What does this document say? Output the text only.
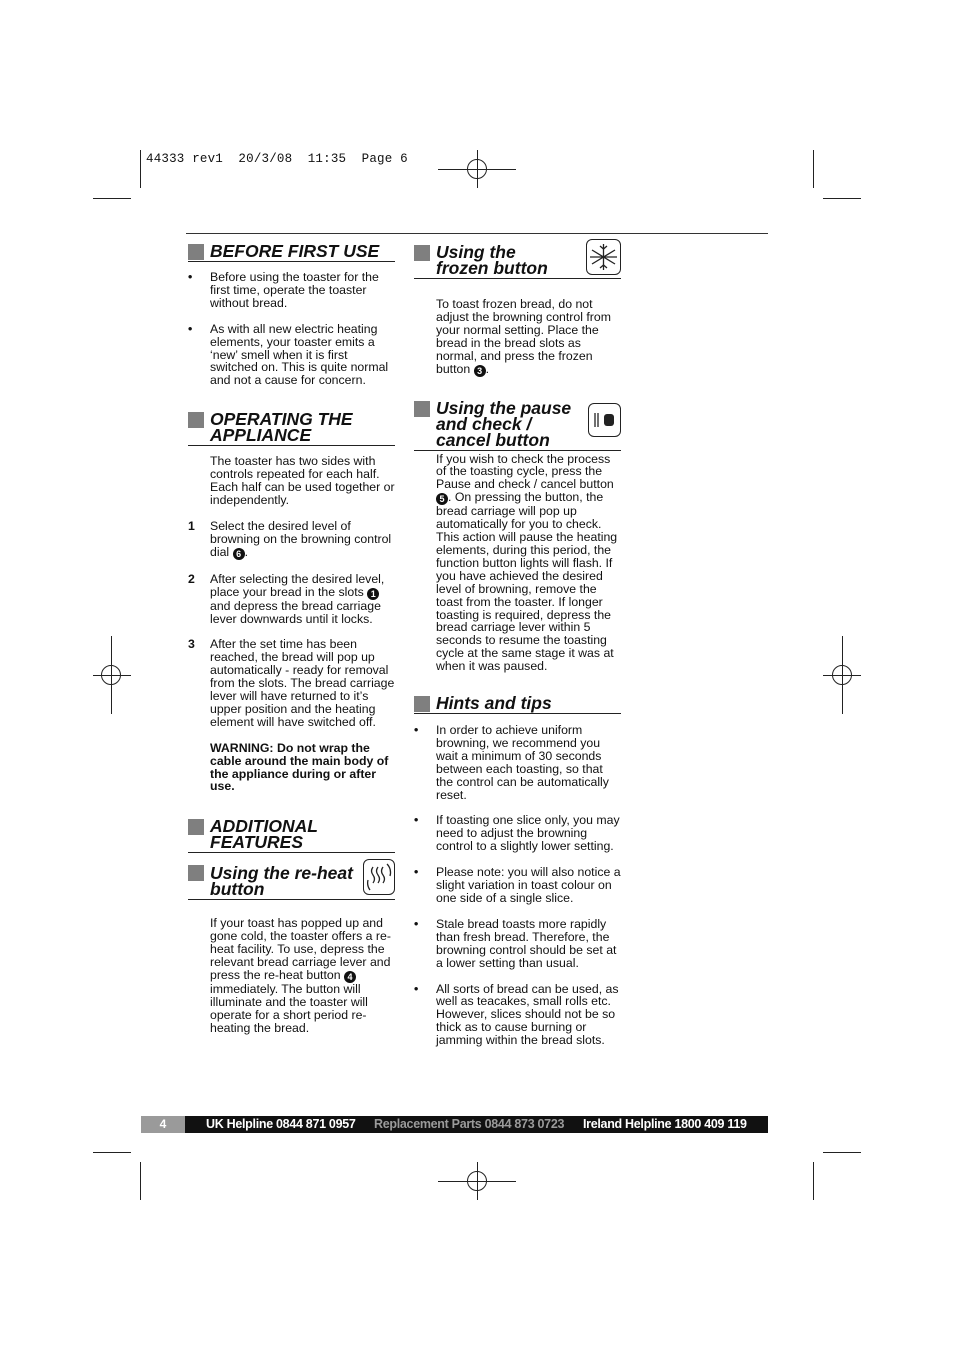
44333 rev1  20/3/08  11:35  Page 6
BEFORE FIRST USE
• Before using the toaster for the first time, operate the toaster without bread.
• As with all new electric heating elements, your toaster emits a ‘new’ smell when it is first switched on. This is quite normal and not a cause for concern.
OPERATING THE
APPLIANCE
The toaster has two sides with controls repeated for each half. Each half can be used together or independently.
1 Select the desired level of browning on the browning control dial 6 .
2 After selecting the desired level, place your bread in the slots 1 and depress the bread carriage lever downwards until it locks.
3 After the set time has been reached, the bread will pop up automatically - ready for removal from the slots. The bread carriage lever will have returned to it’s upper position and the heating element will have switched off.
WARNING: Do not wrap the cable around the main body of the appliance during or after use.
ADDITIONAL
FEATURES
Using the re-heat
button
If your toast has popped up and gone cold, the toaster offers a re-heat facility. To use, depress the relevant bread carriage lever and press the re-heat button 4 immediately. The button will illuminate and the toaster will operate for a short period re-heating the bread.
Using the
frozen button
To toast frozen bread, do not adjust the browning control from your normal setting. Place the bread in the bread slots as normal, and press the frozen button 3 .
Using the pause
and check /
cancel button
If you wish to check the process of the toasting cycle, press the Pause and check / cancel button 5 . On pressing the button, the bread carriage will pop up automatically for you to check. This action will pause the heating elements, during this period, the function button lights will flash. If you have achieved the desired level of browning, remove the toast from the toaster. If longer toasting is required, depress the bread carriage lever within 5 seconds to resume the toasting cycle at the same stage it was at when it was paused.
Hints and tips
• In order to achieve uniform browning, we recommend you wait a minimum of 30 seconds between each toasting, so that the control can be automatically reset.
• If toasting one slice only, you may need to adjust the browning control to a slightly lower setting.
• Please note: you will also notice a slight variation in toast colour on one side of a single slice.
• Stale bread toasts more rapidly than fresh bread. Therefore, the browning control should be set at a lower setting than usual.
• All sorts of bread can be used, as well as teacakes, small rolls etc. However, slices should not be so thick as to cause burning or jamming within the bread slots.
4	UK Helpline 0844 871 0957 Replacement Parts 0844 873 0723 Ireland Helpline 1800 409 119
